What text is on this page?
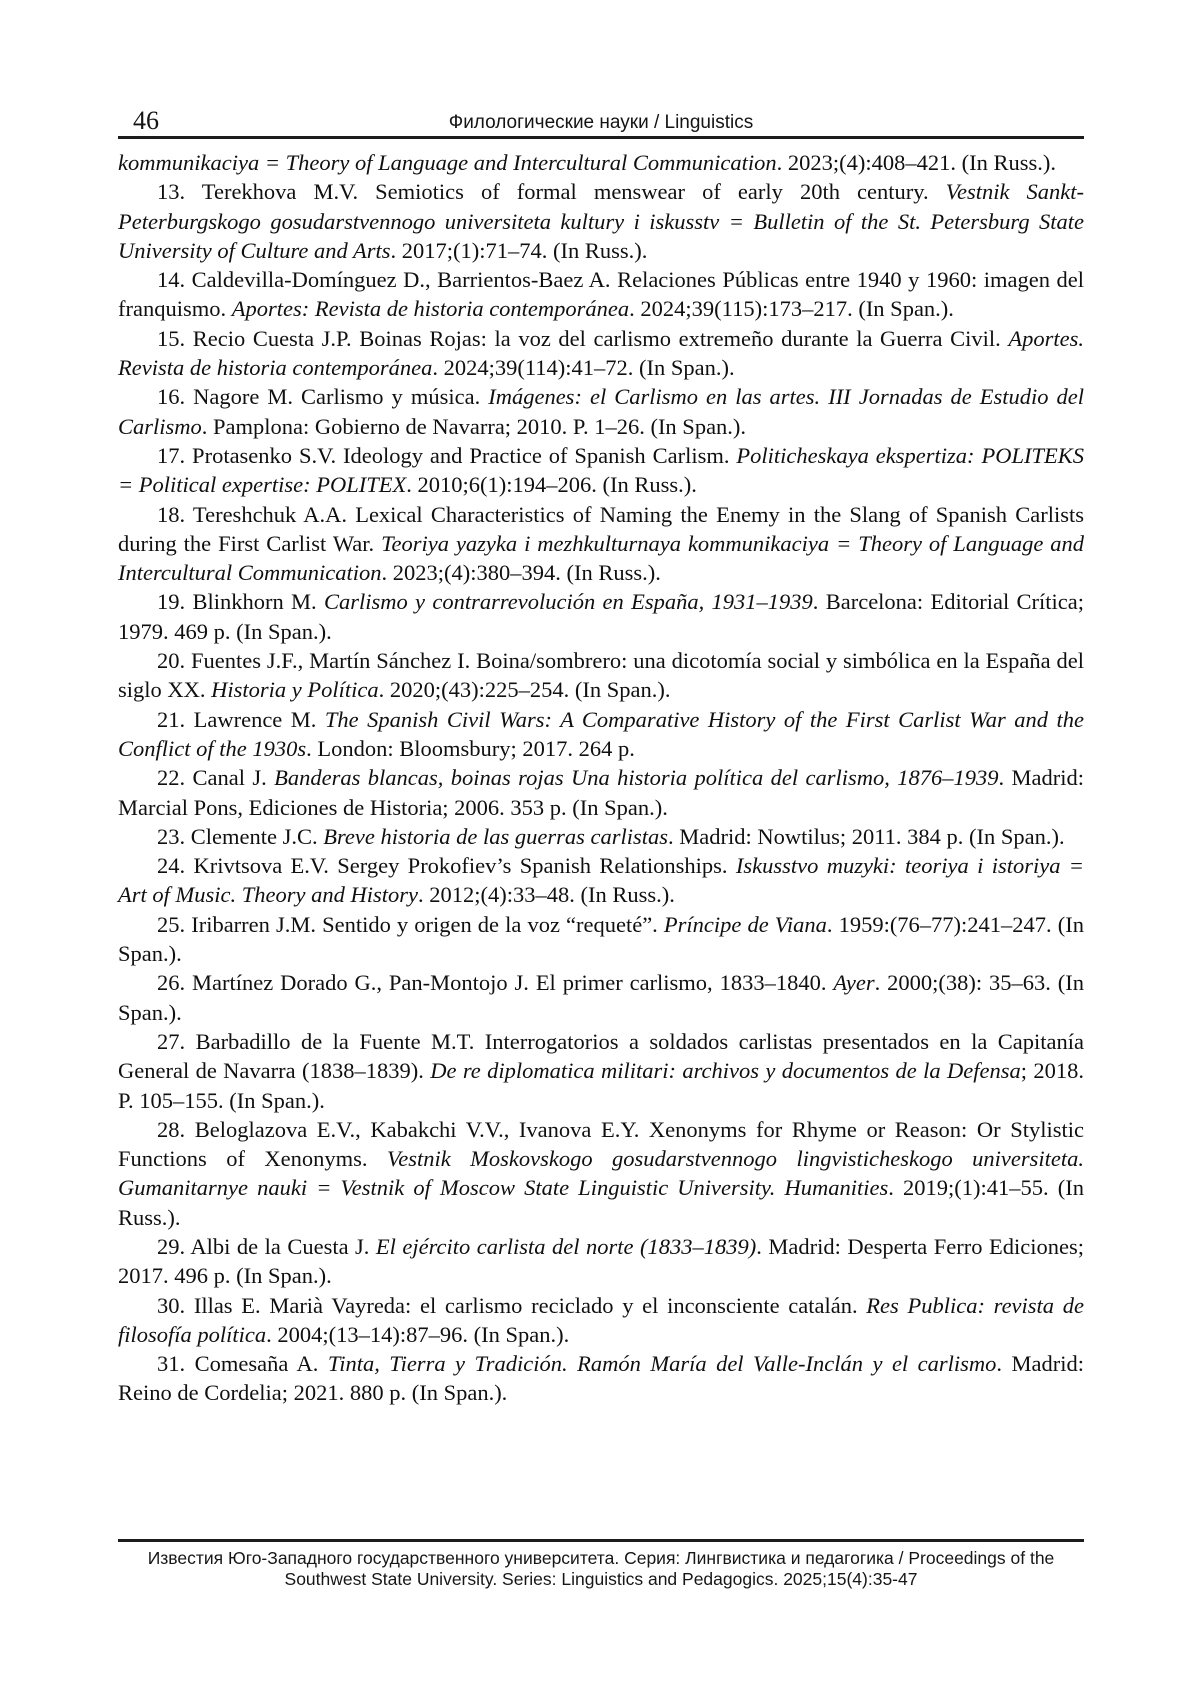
46	Филологические науки / Linguistics

kommunikaciya = Theory of Language and Intercultural Communication. 2023;(4):408–421. (In Russ.).

13. Terekhova M.V. Semiotics of formal menswear of early 20th century. Vestnik Sankt-Peterburgskogo gosudarstvennogo universiteta kultury i iskusstv = Bulletin of the St. Petersburg State University of Culture and Arts. 2017;(1):71–74. (In Russ.).

14. Caldevilla-Domínguez D., Barrientos-Baez A. Relaciones Públicas entre 1940 y 1960: imagen del franquismo. Aportes: Revista de historia contemporánea. 2024;39(115):173–217. (In Span.).

15. Recio Cuesta J.P. Boinas Rojas: la voz del carlismo extremeño durante la Guerra Civil. Aportes. Revista de historia contemporánea. 2024;39(114):41–72. (In Span.).

16. Nagore M. Carlismo y música. Imágenes: el Carlismo en las artes. III Jornadas de Estudio del Carlismo. Pamplona: Gobierno de Navarra; 2010. P. 1–26. (In Span.).

17. Protasenko S.V. Ideology and Practice of Spanish Carlism. Politicheskaya ekspertiza: POLITEKS = Political expertise: POLITEX. 2010;6(1):194–206. (In Russ.).

18. Tereshchuk A.A. Lexical Characteristics of Naming the Enemy in the Slang of Spanish Carlists during the First Carlist War. Teoriya yazyka i mezhkulturnaya kommunikaciya = Theory of Language and Intercultural Communication. 2023;(4):380–394. (In Russ.).

19. Blinkhorn M. Carlismo y contrarrevolución en España, 1931–1939. Barcelona: Editorial Crítica; 1979. 469 p. (In Span.).

20. Fuentes J.F., Martín Sánchez I. Boina/sombrero: una dicotomía social y simbólica en la España del siglo XX. Historia y Política. 2020;(43):225–254. (In Span.).

21. Lawrence M. The Spanish Civil Wars: A Comparative History of the First Carlist War and the Conflict of the 1930s. London: Bloomsbury; 2017. 264 p.

22. Canal J. Banderas blancas, boinas rojas Una historia política del carlismo, 1876–1939. Madrid: Marcial Pons, Ediciones de Historia; 2006. 353 p. (In Span.).

23. Clemente J.C. Breve historia de las guerras carlistas. Madrid: Nowtilus; 2011. 384 p. (In Span.).

24. Krivtsova E.V. Sergey Prokofiev’s Spanish Relationships. Iskusstvo muzyki: teoriya i istoriya = Art of Music. Theory and History. 2012;(4):33–48. (In Russ.).

25. Iribarren J.M. Sentido y origen de la voz “requeté”. Príncipe de Viana. 1959:(76–77):241–247. (In Span.).

26. Martínez Dorado G., Pan-Montojo J. El primer carlismo, 1833–1840. Ayer. 2000;(38): 35–63. (In Span.).

27. Barbadillo de la Fuente M.T. Interrogatorios a soldados carlistas presentados en la Capitanía General de Navarra (1838–1839). De re diplomatica militari: archivos y documentos de la Defensa; 2018. P. 105–155. (In Span.).

28. Beloglazova E.V., Kabakchi V.V., Ivanova E.Y. Xenonyms for Rhyme or Reason: Or Stylistic Functions of Xenonyms. Vestnik Moskovskogo gosudarstvennogo lingvisticheskogo universiteta. Gumanitarnye nauki = Vestnik of Moscow State Linguistic University. Humanities. 2019;(1):41–55. (In Russ.).

29. Albi de la Cuesta J. El ejército carlista del norte (1833–1839). Madrid: Desperta Ferro Ediciones; 2017. 496 p. (In Span.).

30. Illas E. Marià Vayreda: el carlismo reciclado y el inconsciente catalán. Res Publica: revista de filosofía política. 2004;(13–14):87–96. (In Span.).

31. Comesaña A. Tinta, Tierra y Tradición. Ramón María del Valle-Inclán y el carlismo. Madrid: Reino de Cordelia; 2021. 880 p. (In Span.).

Известия Юго-Западного государственного университета. Серия: Лингвистика и педагогика / Proceedings of the
Southwest State University. Series: Linguistics and Pedagogics. 2025;15(4):35-47
